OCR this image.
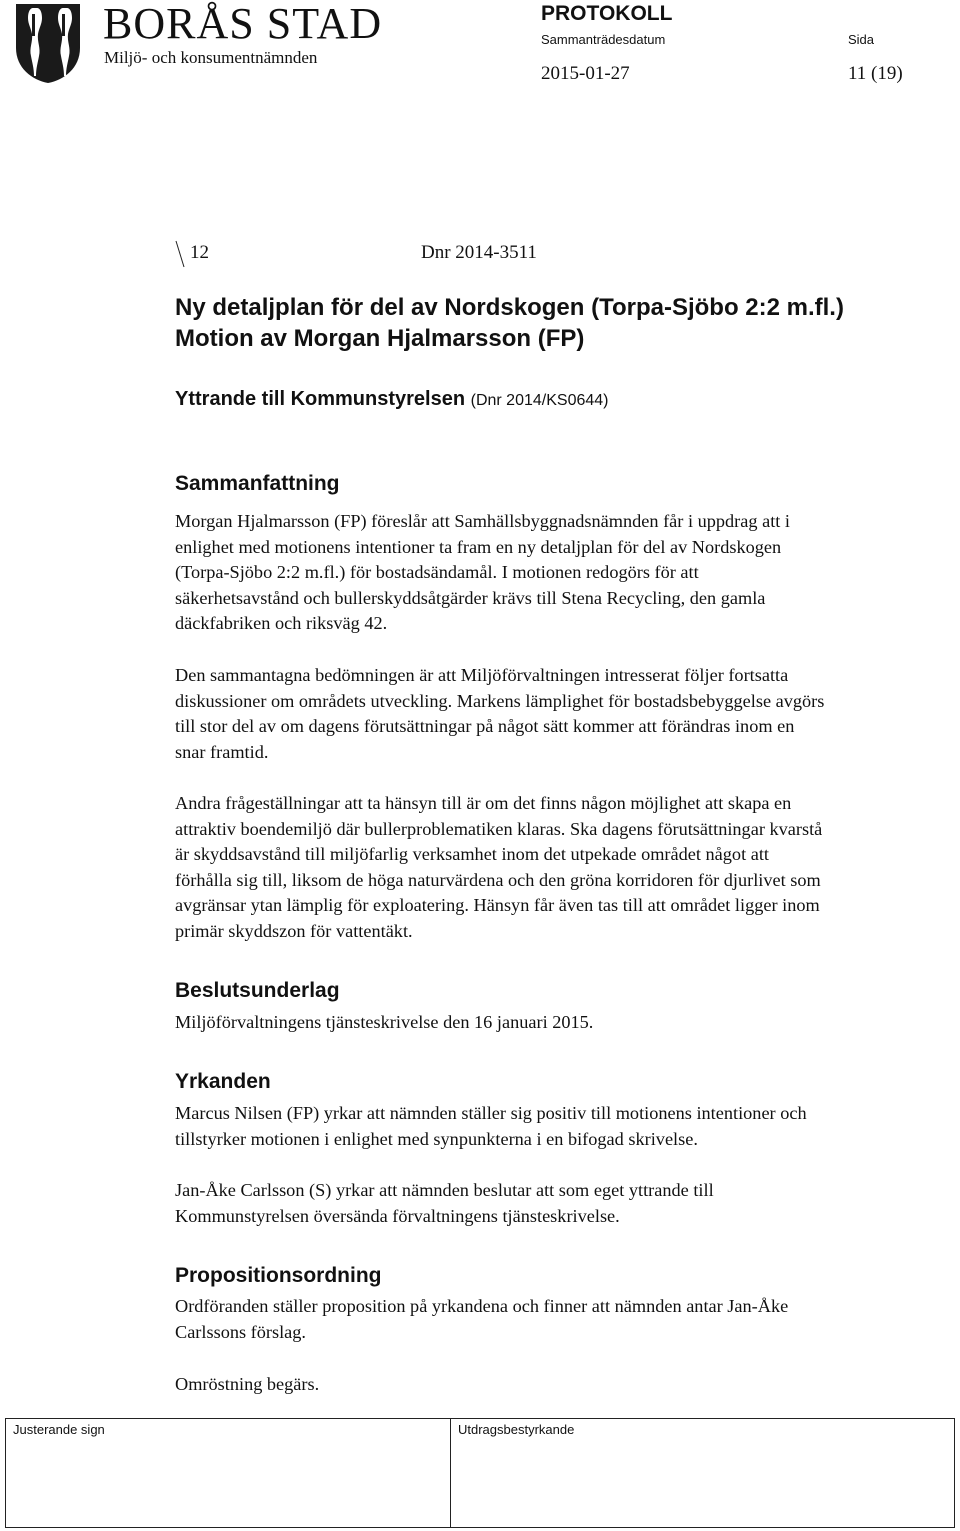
BORÅS STAD
Miljö- och konsumentnämnden
PROTOKOLL
Sammanträdesdatum	Sida
2015-01-27	11 (19)
12	Dnr 2014-3511
Ny detaljplan för del av Nordskogen (Torpa-Sjöbo 2:2 m.fl.)
Motion av Morgan Hjalmarsson (FP)
Yttrande till Kommunstyrelsen (Dnr 2014/KS0644)
Sammanfattning

Morgan Hjalmarsson (FP) föreslår att Samhällsbyggnadsnämnden får i uppdrag att i

enlighet med motionens intentioner ta fram en ny detaljplan för del av Nordskogen

(Torpa-Sjöbo 2:2 m.fl.) för bostadsändamål. I motionen redogörs för att

säkerhetsavstånd och bullerskyddsåtgärder krävs till Stena Recycling, den gamla

däckfabriken och riksväg 42.

Den sammantagna bedömningen är att Miljöförvaltningen intresserat följer fortsatta

diskussioner om områdets utveckling. Markens lämplighet för bostadsbebyggelse avgörs

till stor del av om dagens förutsättningar på något sätt kommer att förändras inom en

snar framtid.

Andra frågeställningar att ta hänsyn till är om det finns någon möjlighet att skapa en

attraktiv boendemiljö där bullerproblematiken klaras. Ska dagens förutsättningar kvarstå

är skyddsavstånd till miljöfarlig verksamhet inom det utpekade området något att

förhålla sig till, liksom de höga naturvärdena och den gröna korridoren för djurlivet som

avgränsar ytan lämplig för exploatering. Hänsyn får även tas till att området ligger inom

primär skyddszon för vattentäkt.

Beslutsunderlag

Miljöförvaltningens tjänsteskrivelse den 16 januari 2015.

Yrkanden

Marcus Nilsen (FP) yrkar att nämnden ställer sig positiv till motionens intentioner och

tillstyrker motionen i enlighet med synpunkterna i en bifogad skrivelse.

Jan-Åke Carlsson (S) yrkar att nämnden beslutar att som eget yttrande till

Kommunstyrelsen översända förvaltningens tjänsteskrivelse.

Propositionsordning

Ordföranden ställer proposition på yrkandena och finner att nämnden antar Jan-Åke

Carlssons förslag.

Omröstning begärs.

Justerande sign	Utdragsbestyrkande
